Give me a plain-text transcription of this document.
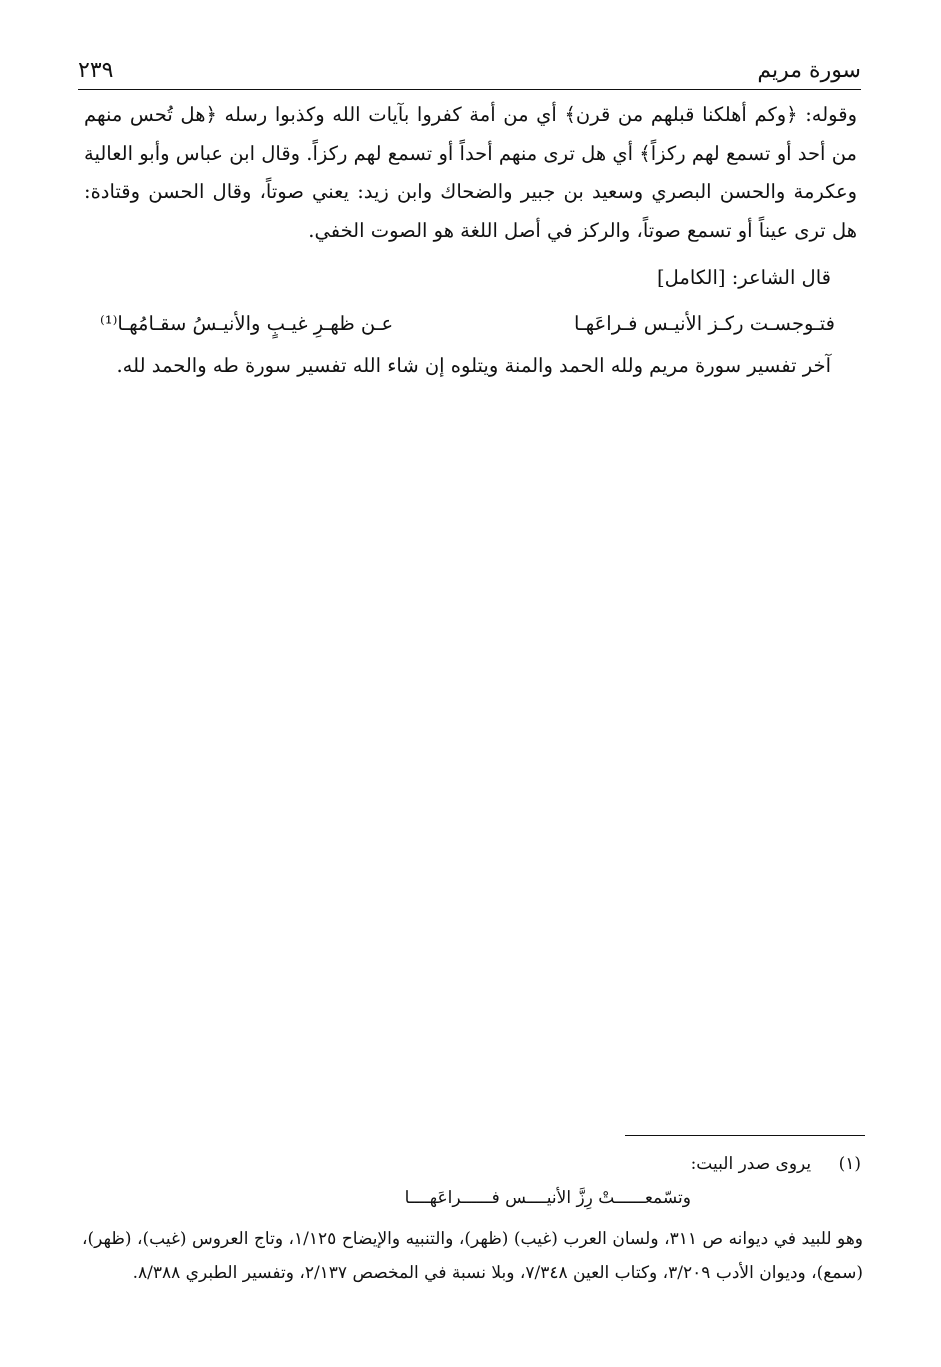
سورة مريم
٢٣٩

وقوله: ﴿وكم أهلكنا قبلهم من قرن﴾ أي من أمة كفروا بآيات الله وكذبوا رسله ﴿هل تُحس منهم من أحد أو تسمع لهم ركزاً﴾ أي هل ترى منهم أحداً أو تسمع لهم ركزاً. وقال ابن عباس وأبو العالية وعكرمة والحسن البصري وسعيد بن جبير والضحاك وابن زيد: يعني صوتاً، وقال الحسن وقتادة: هل ترى عيناً أو تسمع صوتاً، والركز في أصل اللغة هو الصوت الخفي.

قال الشاعر: [الكامل]
فتـوجسـت ركـز الأنيـس فـراعَهـا
عـن ظهـرِ غيـبٍ والأنيـسُ سقـامُهـا⁽¹⁾
آخر تفسير سورة مريم ولله الحمد والمنة ويتلوه إن شاء الله تفسير سورة طه والحمد لله.
(١) يروى صدر البيت:
وتسّمعــــــتْ رِزَّ الأنيــــس فــــــراعَهــــا

وهو للبيد في ديوانه ص ٣١١، ولسان العرب (غيب) (ظهر)، والتنبيه والإيضاح ١/١٢٥، وتاج العروس (غيب)، (ظهر)، (سمع)، وديوان الأدب ٣/٢٠٩، وكتاب العين ٧/٣٤٨، وبلا نسبة في المخصص ٢/١٣٧، وتفسير الطبري ٨/٣٨٨.
